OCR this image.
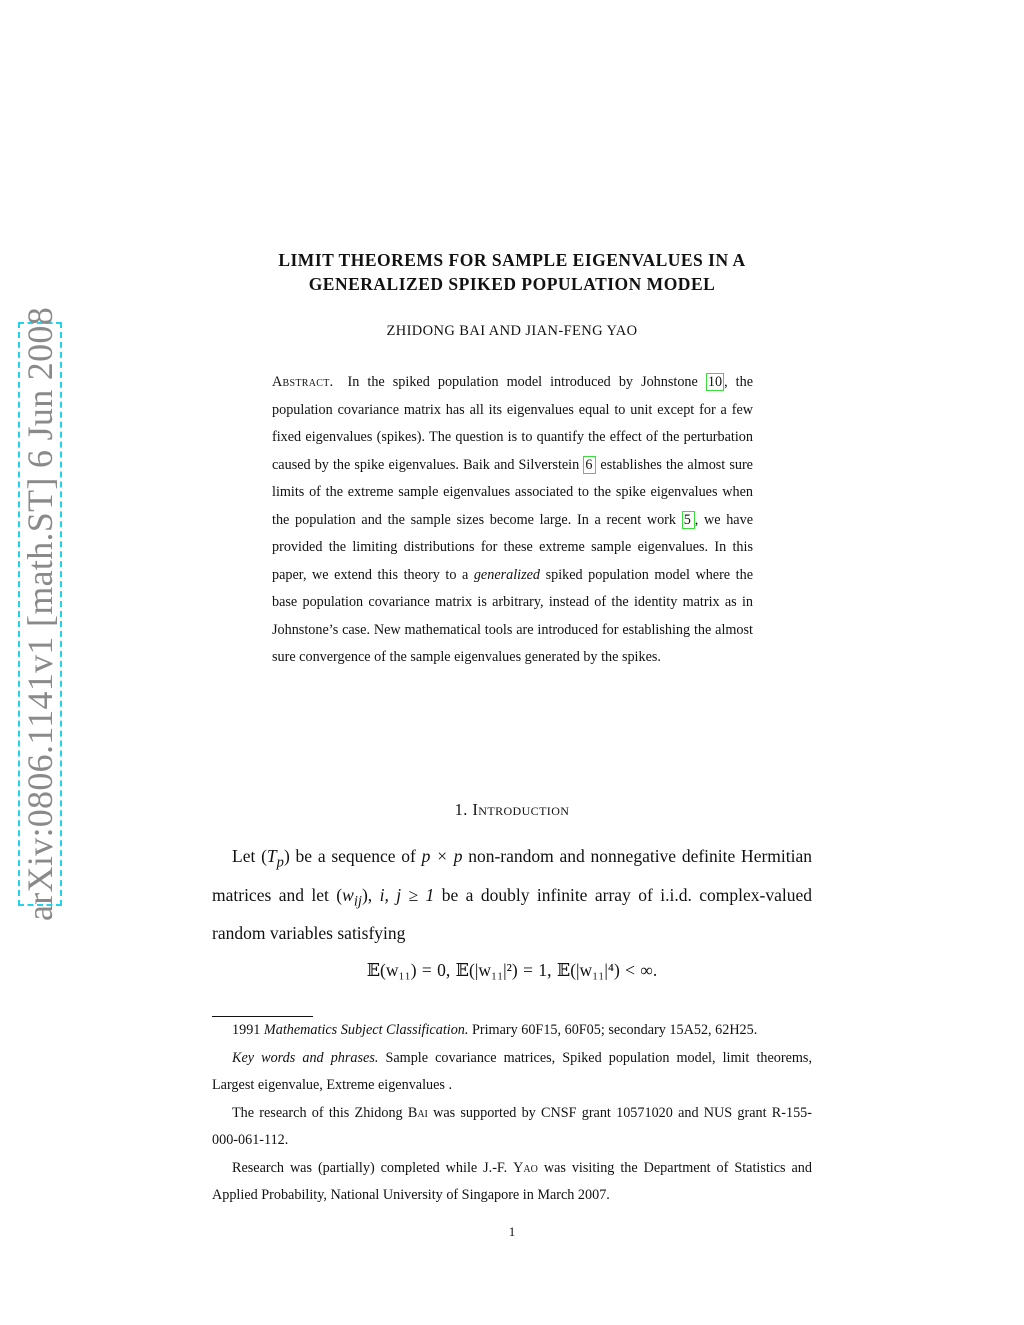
arXiv:0806.1141v1 [math.ST] 6 Jun 2008
LIMIT THEOREMS FOR SAMPLE EIGENVALUES IN A
GENERALIZED SPIKED POPULATION MODEL
ZHIDONG BAI AND JIAN-FENG YAO
Abstract. In the spiked population model introduced by Johnstone 10 , the population covariance matrix has all its eigenvalues equal to unit except for a few fixed eigenvalues (spikes). The question is to quantify the effect of the perturbation caused by the spike eigenvalues. Baik and Silverstein 6 establishes the almost sure limits of the extreme sample eigenvalues associated to the spike eigenvalues when the population and the sample sizes become large. In a recent work 5 , we have provided the limiting distributions for these extreme sample eigenvalues. In this paper, we extend this theory to a generalized spiked population model where the base population covariance matrix is arbitrary, instead of the identity matrix as in Johnstone’s case. New mathematical tools are introduced for establishing the almost sure convergence of the sample eigenvalues generated by the spikes.
1. Introduction
Let $(T_p)$ be a sequence of p × p non-random and nonnegative definite Hermitian matrices and let $(w_{ij})$, i, j ≥ 1 be a doubly infinite array of i.i.d. complex-valued random variables satisfying
𝔼(w₁₁) = 0, 𝔼(|w₁₁|²) = 1, 𝔼(|w₁₁|⁴) < ∞.

1991 Mathematics Subject Classification. Primary 60F15, 60F05; secondary 15A52, 62H25.

Key words and phrases. Sample covariance matrices, Spiked population model, limit theorems, Largest eigenvalue, Extreme eigenvalues .

The research of this Zhidong Bai was supported by CNSF grant 10571020 and NUS grant R-155-000-061-112.

Research was (partially) completed while J.-F. Yao was visiting the Department of Statistics and Applied Probability, National University of Singapore in March 2007.

1
